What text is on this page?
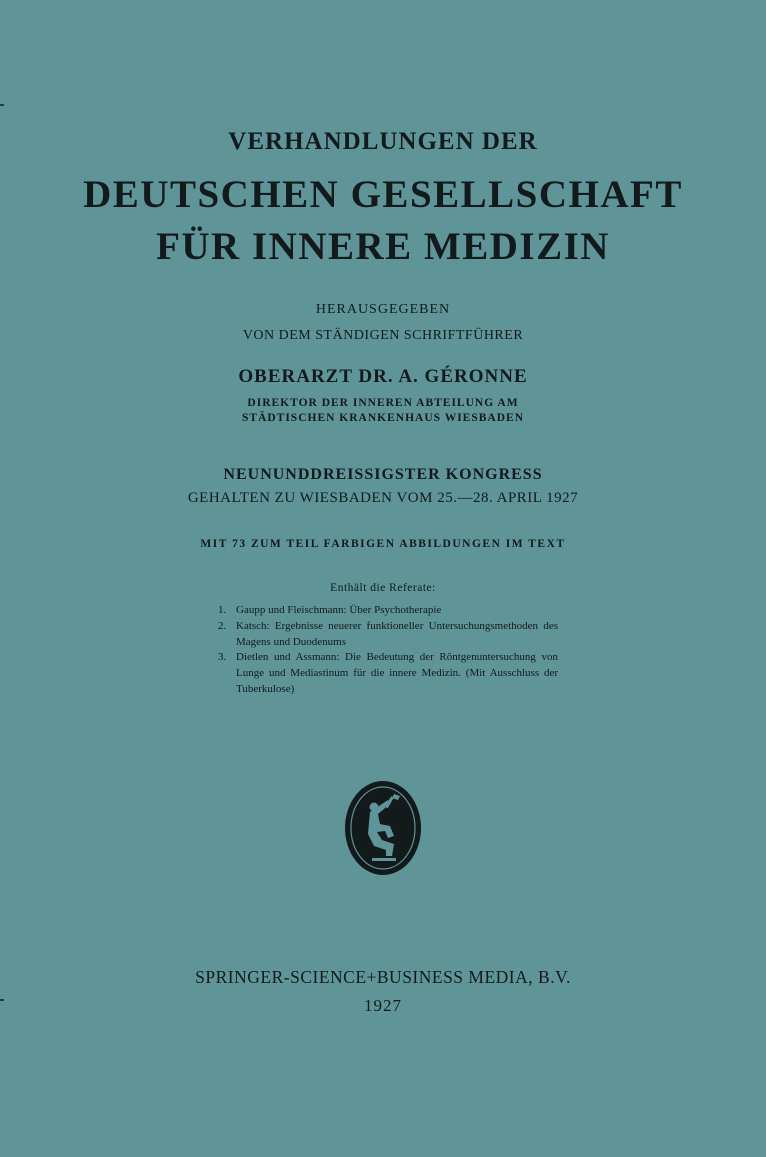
VERHANDLUNGEN DER
DEUTSCHEN GESELLSCHAFT
FÜR INNERE MEDIZIN
HERAUSGEGEBEN
VON DEM STÄNDIGEN SCHRIFTFÜHRER
OBERARZT DR. A. GÉRONNE
DIREKTOR DER INNEREN ABTEILUNG AM
STÄDTISCHEN KRANKENHAUS WIESBADEN
NEUNUNDDREISSIGSTER KONGRESS
GEHALTEN ZU WIESBADEN VOM 25.—28. APRIL 1927
MIT 73 ZUM TEIL FARBIGEN ABBILDUNGEN IM TEXT
Enthält die Referate:
1. Gaupp und Fleischmann: Über Psychotherapie
2. Katsch: Ergebnisse neuerer funktioneller Untersuchungsmethoden des Magens und Duodenums
3. Dietlen und Assmann: Die Bedeutung der Röntgenuntersuchung von Lunge und Mediastinum für die innere Medizin. (Mit Ausschluss der Tuberkulose)
SPRINGER-SCIENCE+BUSINESS MEDIA, B.V.
1927
